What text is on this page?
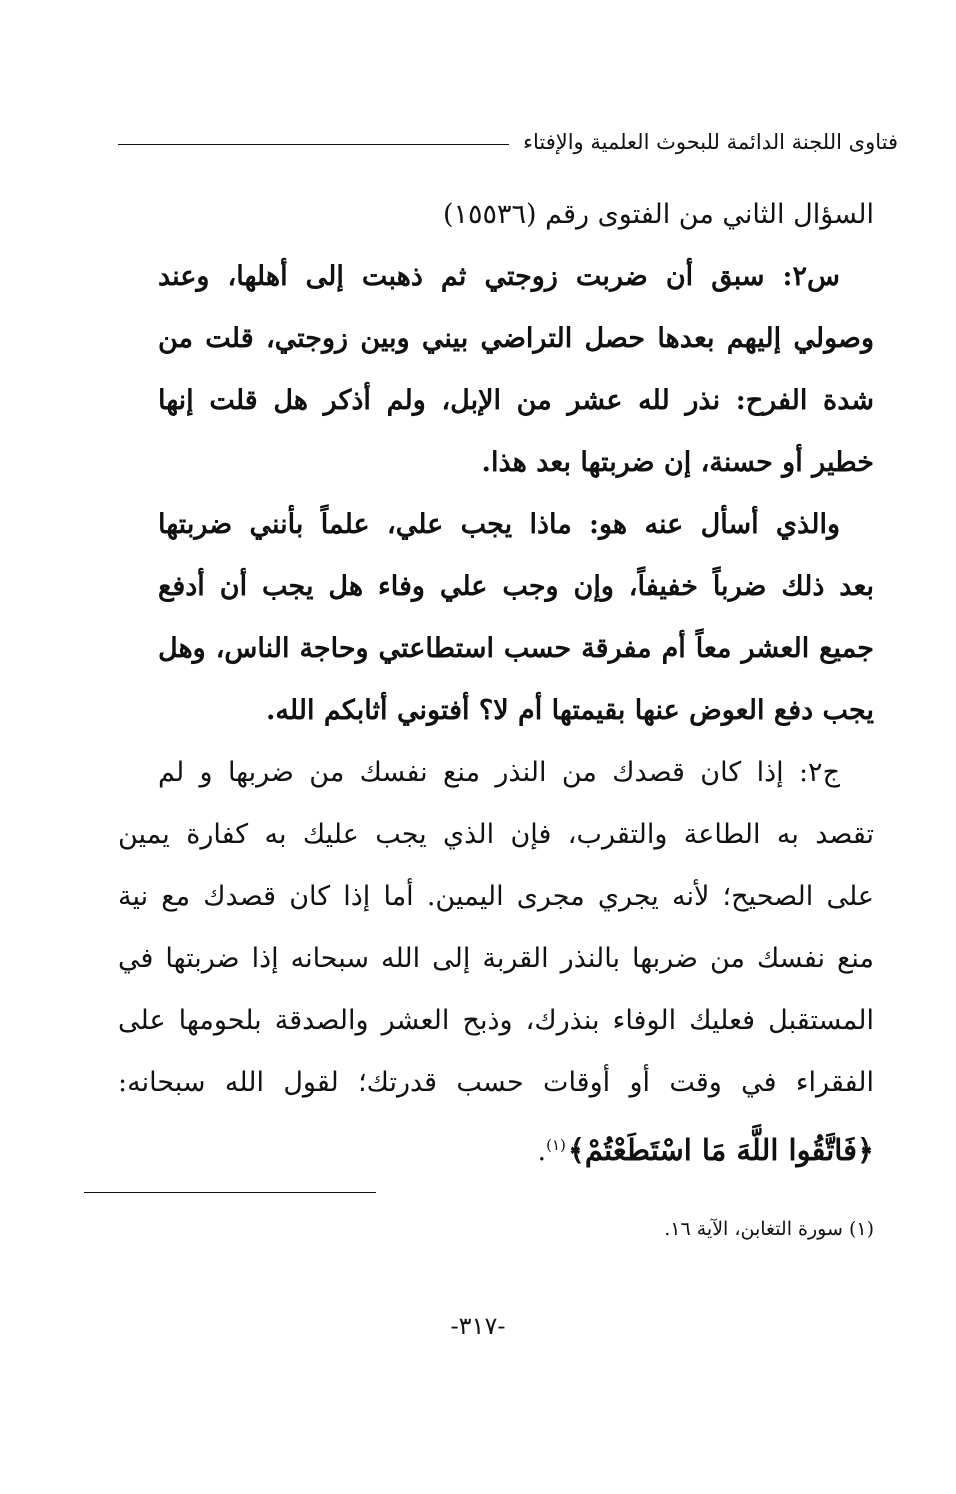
فتاوى اللجنة الدائمة للبحوث العلمية والإفتاء
السؤال الثاني من الفتوى رقم (١٥٥٣٦)
س٢: سبق أن ضربت زوجتي ثم ذهبت إلى أهلها، وعند
وصولي إليهم بعدها حصل التراضي بيني وبين زوجتي، قلت من
شدة الفرح: نذر لله عشر من الإبل، ولم أذكر هل قلت إنها
خطير أو حسنة، إن ضربتها بعد هذا.
والذي أسأل عنه هو: ماذا يجب علي، علماً بأنني ضربتها
بعد ذلك ضرباً خفيفاً، وإن وجب علي وفاء هل يجب أن أدفع
جميع العشر معاً أم مفرقة حسب استطاعتي وحاجة الناس، وهل
يجب دفع العوض عنها بقيمتها أم لا؟ أفتوني أثابكم الله.
ج٢: إذا كان قصدك من النذر منع نفسك من ضربها و لم
تقصد به الطاعة والتقرب، فإن الذي يجب عليك به كفارة يمين
على الصحيح؛ لأنه يجري مجرى اليمين. أما إذا كان قصدك مع نية
منع نفسك من ضربها بالنذر القربة إلى الله سبحانه إذا ضربتها في
المستقبل فعليك الوفاء بنذرك، وذبح العشر والصدقة بلحومها على
الفقراء في وقت أو أوقات حسب قدرتك؛ لقول الله سبحانه:
﴿فَاتَّقُوا اللَّهَ مَا اسْتَطَعْتُمْ﴾$^{(١)}$.
(١) سورة التغابن، الآية ١٦.
-٣١٧-
